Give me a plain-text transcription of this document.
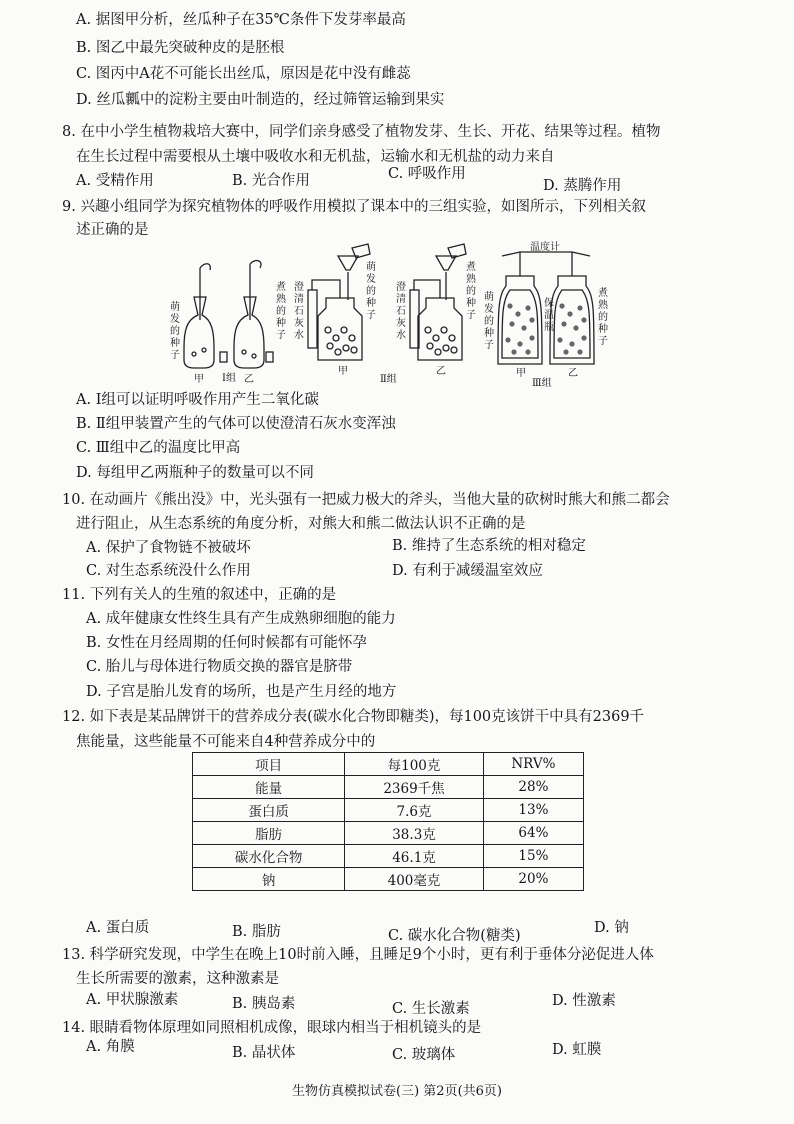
A. 据图甲分析，丝瓜种子在35℃条件下发芽率最高
B. 图乙中最先突破种皮的是胚根
C. 图丙中A花不可能长出丝瓜，原因是花中没有雌蕊
D. 丝瓜瓤中的淀粉主要由叶制造的，经过筛管运输到果实
8. 在中小学生植物栽培大赛中，同学们亲身感受了植物发芽、生长、开花、结果等过程。植物
在生长过程中需要根从土壤中吸收水和无机盐，运输水和无机盐的动力来自
A. 受精作用	B. 光合作用	C. 呼吸作用
D. 蒸腾作用
9. 兴趣小组同学为探究植物体的呼吸作用模拟了课本中的三组实验，如图所示，下列相关叙
述正确的是
萌发的种子
煮熟的种子
甲	乙
Ⅰ组
澄清石灰水
萌发的种子
澄清石灰水
煮熟的种子
甲	乙
Ⅱ组
温度计
萌发的种子
保温瓶
煮熟的种子
甲	乙
Ⅲ组
A. Ⅰ组可以证明呼吸作用产生二氧化碳
B. Ⅱ组甲装置产生的气体可以使澄清石灰水变浑浊
C. Ⅲ组中乙的温度比甲高
D. 每组甲乙两瓶种子的数量可以不同
10. 在动画片《熊出没》中，光头强有一把威力极大的斧头，当他大量的砍树时熊大和熊二都会
进行阻止，从生态系统的角度分析，对熊大和熊二做法认识不正确的是
A. 保护了食物链不被破坏	B. 维持了生态系统的相对稳定
C. 对生态系统没什么作用	D. 有利于减缓温室效应
11. 下列有关人的生殖的叙述中，正确的是
A. 成年健康女性终生具有产生成熟卵细胞的能力
B. 女性在月经周期的任何时候都有可能怀孕
C. 胎儿与母体进行物质交换的器官是脐带
D. 子宫是胎儿发育的场所，也是产生月经的地方
12. 如下表是某品牌饼干的营养成分表(碳水化合物即糖类)，每100克该饼干中具有2369千
焦能量，这些能量不可能来自4种营养成分中的
项目	每100克	NRV%
能量	2369千焦	28%
蛋白质	7.6克	13%
脂肪	38.3克	64%
碳水化合物	46.1克	15%
钠	400毫克	20%
A. 蛋白质	B. 脂肪	C. 碳水化合物(糖类)	D. 钠
13. 科学研究发现，中学生在晚上10时前入睡，且睡足9个小时，更有利于垂体分泌促进人体
生长所需要的激素，这种激素是
A. 甲状腺激素	B. 胰岛素	C. 生长激素	D. 性激素
14. 眼睛看物体原理如同照相机成像，眼球内相当于相机镜头的是
A. 角膜	B. 晶状体	C. 玻璃体	D. 虹膜
生物仿真模拟试卷(三) 第2页(共6页)
